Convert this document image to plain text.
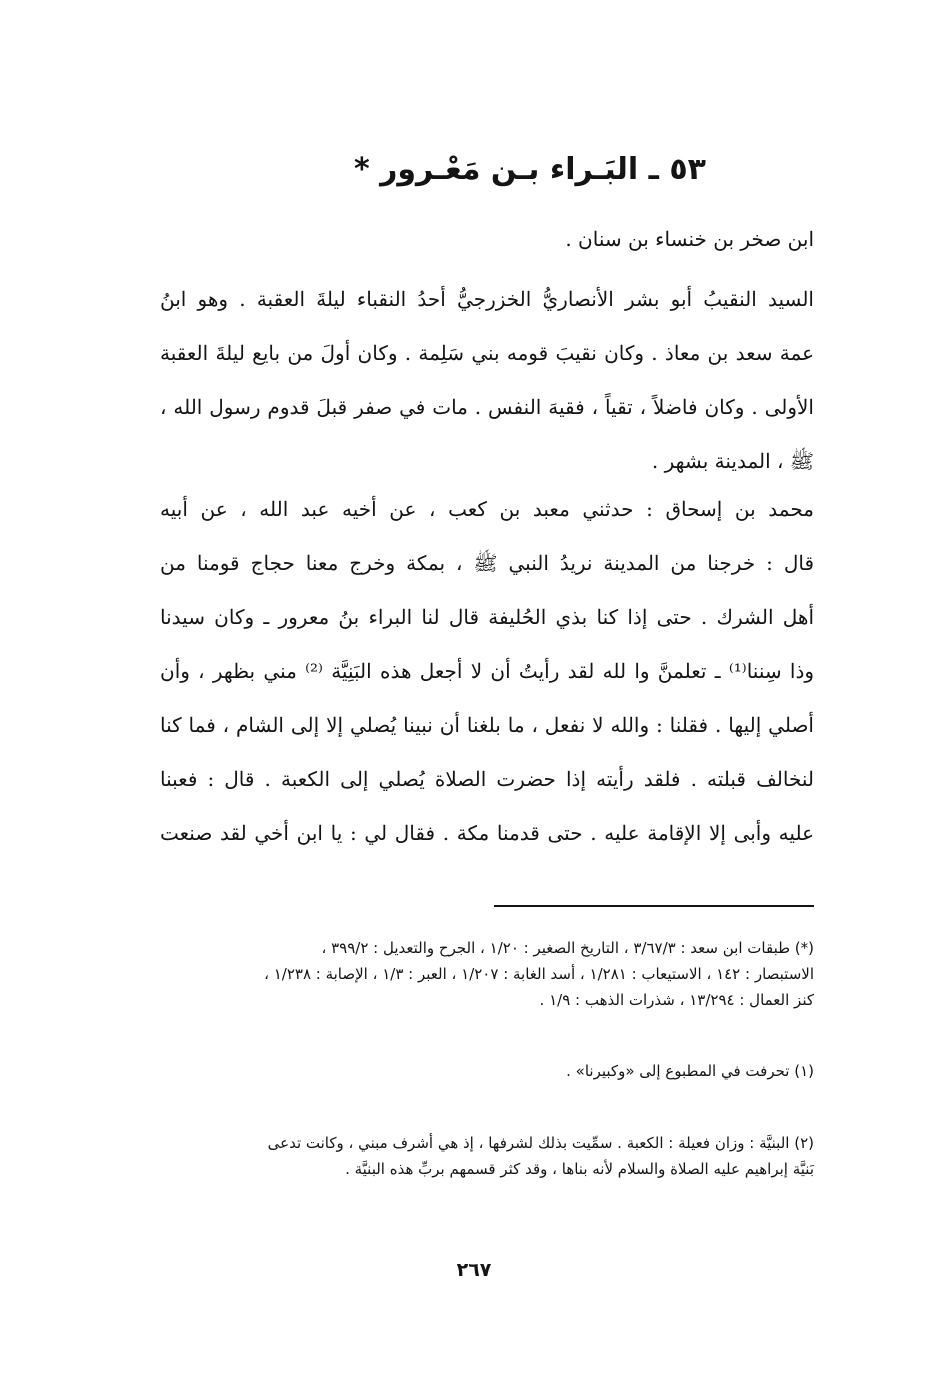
٥٣ ـ البَـراء بـن مَعْـرور *
ابن صخر بن خنساء بن سنان .
السيد النقيبُ أبو بشر الأنصاريُّ الخزرجيُّ أحدُ النقباء ليلةَ العقبة . وهو ابنُ
عمة سعد بن معاذ . وكان نقيبَ قومه بني سَلِمة . وكان أولَ من بايع ليلةَ العقبة
الأولى . وكان فاضلاً ، تقياً ، فقيهَ النفس . مات في صفر قبلَ قدوم رسول الله ،
ﷺ ، المدينة بشهر .
محمد بن إسحاق : حدثني معبد بن كعب ، عن أخيه عبد الله ، عن أبيه
قال : خرجنا من المدينة نريدُ النبي ﷺ ، بمكة وخرج معنا حجاج قومنا من
أهل الشرك . حتى إذا كنا بذي الحُليفة قال لنا البراء بنُ معرور ـ وكان سيدنا
وذا سِننا⁽¹⁾ ـ تعلمنَّ وا لله لقد رأيتُ أن لا أجعل هذه البَنِيَّة ⁽²⁾ مني بظهر ، وأن
أصلي إليها . فقلنا : والله لا نفعل ، ما بلغنا أن نبينا يُصلي إلا إلى الشام ، فما كنا
لنخالف قبلته . فلقد رأيته إذا حضرت الصلاة يُصلي إلى الكعبة . قال : فعبنا
عليه وأبى إلا الإقامة عليه . حتى قدمنا مكة . فقال لي : يا ابن أخي لقد صنعت
(*) طبقات ابن سعد : ٣/٦٧/٣ ، التاريخ الصغير : ١/٢٠ ، الجرح والتعديل : ٣٩٩/٢ ،
الاستبصار : ١٤٢ ، الاستيعاب : ١/٢٨١ ، أسد الغابة : ١/٢٠٧ ، العبر : ١/٣ ، الإصابة : ١/٢٣٨ ،
كنز العمال : ١٣/٢٩٤ ، شذرات الذهب : ١/٩ .
(١) تحرفت في المطبوع إلى «وكبيرنا» .
(٢) البنيَّة : وزان فعيلة : الكعبة . سمِّيت بذلك لشرفها ، إذ هي أشرف مبني ، وكانت تدعى
بَنيَّة إبراهيم عليه الصلاة والسلام لأنه بناها ، وقد كثر قسمهم بربِّ هذه البنيَّة .
٢٦٧
